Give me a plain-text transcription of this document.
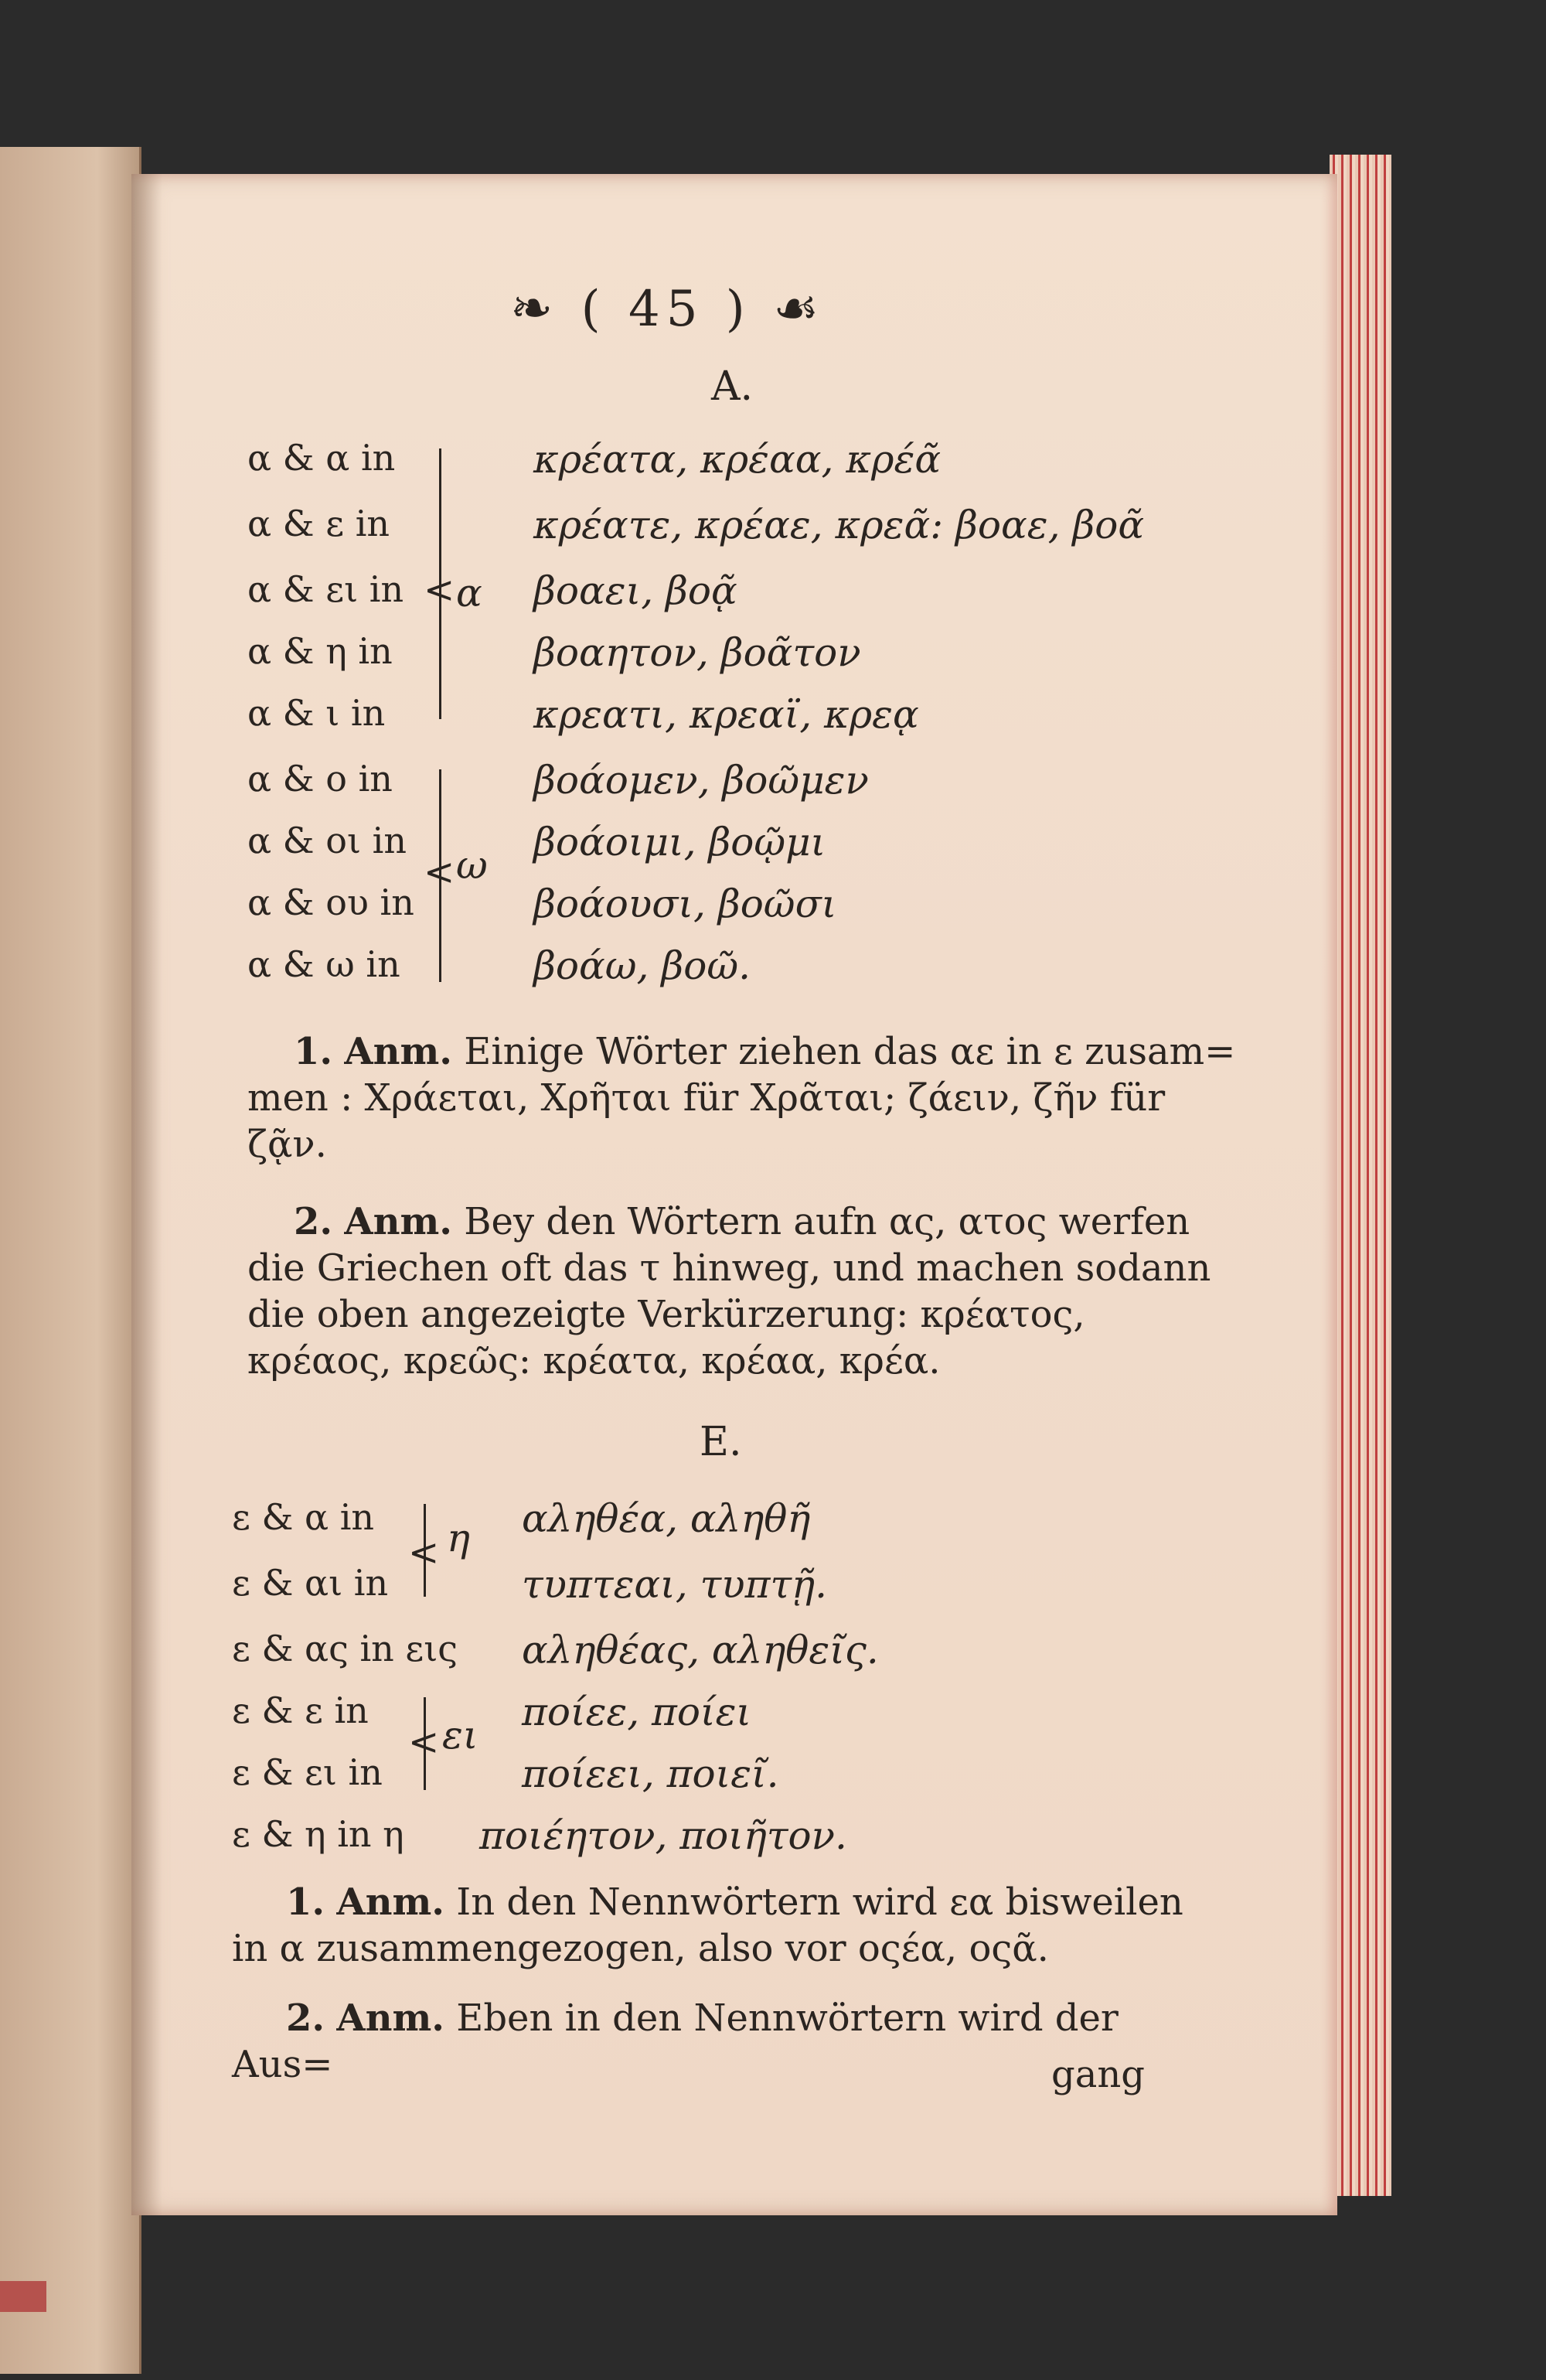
❧ ( 45 ) ☙
A.
α & α in	κρέατα, κρέαα, κρέᾶ
α & ε in	κρέατε, κρέαε, κρεᾶ: βοαε, βοᾶ
α & ει in	βοαει, βοᾷ
α & η in	βοαητον, βοᾶτον
α & ι in	κρεατι, κρεαϊ, κρεᾳ
α & ο in	βοάομεν, βοῶμεν
α & οι in	βοάοιμι, βοῷμι
α & ου in	βοάουσι, βοῶσι
α & ω in	βοάω, βοῶ.
< α
< ω
1. Anm. Einige Wörter ziehen das αε in ε zusam= men : Χράεται, Χρῆται für Χρᾶται; ζάειν, ζῆν für ζᾷν.
2. Anm. Bey den Wörtern aufn ας, ατος werfen die Griechen oft das τ hinweg, und machen sodann die oben angezeigte Verkürzerung: κρέατος, κρέαος, κρεῶς: κρέατα, κρέαα, κρέα.
E.
ε & α in	αληθέα, αληθῆ
ε & αι in	τυπτεαι, τυπτῇ.
ε & ας in εις αληθέας, αληθεῖς.
ε & ε in	ποίεε, ποίει
ε & ει in	ποίεει, ποιεῖ.
ε & η in η ποιέητον, ποιῆτον.
< η
< ει
1. Anm. In den Nennwörtern wird εα bisweilen in α zusammengezogen, also vor οςέα, οςᾶ.
2. Anm. Eben in den Nennwörtern wird der Aus=	gang
